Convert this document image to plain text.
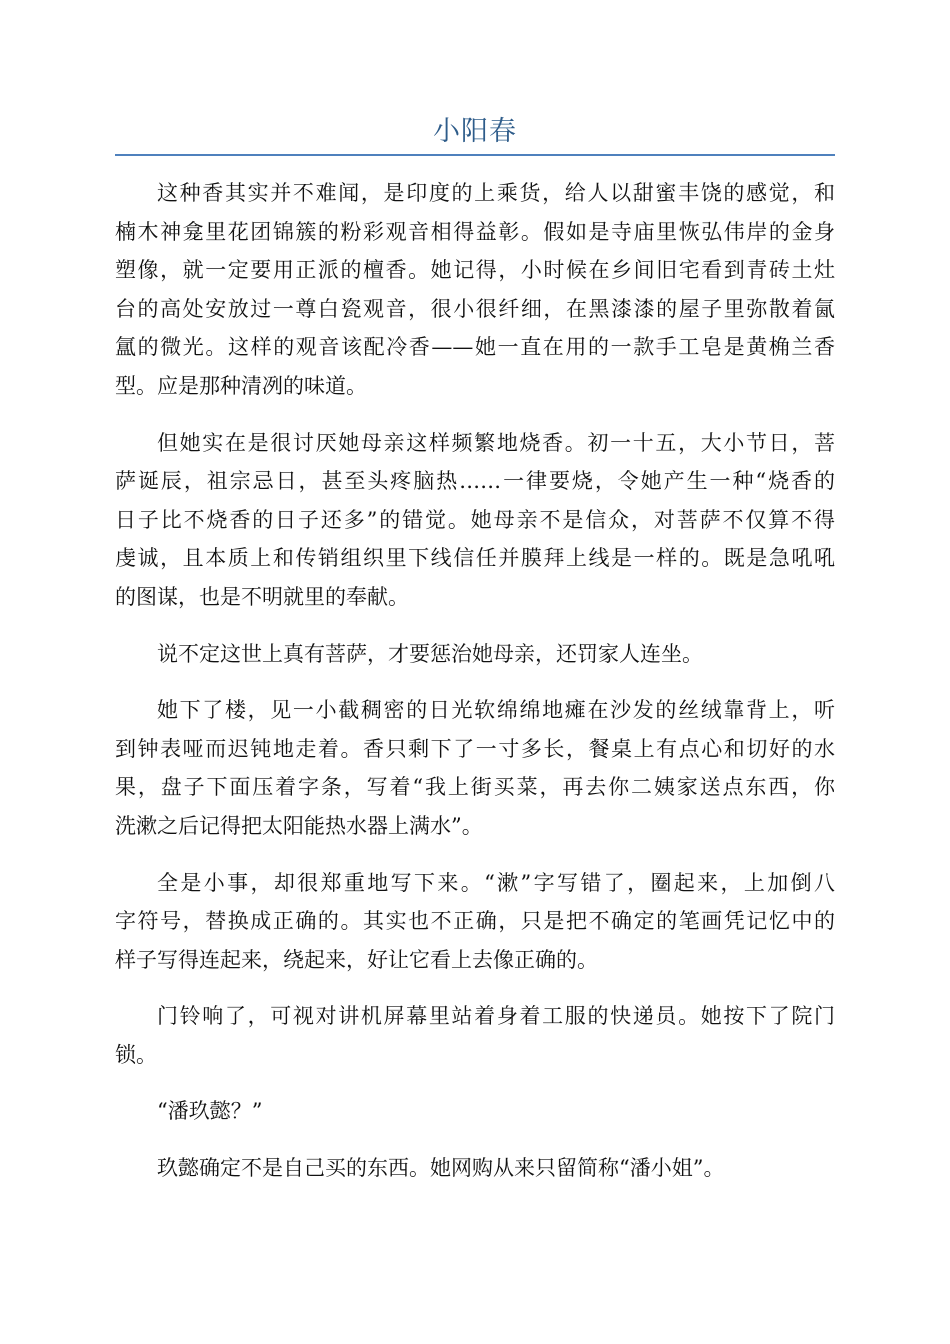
小阳春
这种香其实并不难闻，是印度的上乘货，给人以甜蜜丰饶的感觉，和
楠木神龛里花团锦簇的粉彩观音相得益彰。假如是寺庙里恢弘伟岸的金身
塑像，就一定要用正派的檀香。她记得，小时候在乡间旧宅看到青砖土灶
台的高处安放过一尊白瓷观音，很小很纤细，在黑漆漆的屋子里弥散着氤
氲的微光。这样的观音该配冷香——她一直在用的一款手工皂是黄桷兰香
型。应是那种清冽的味道。
但她实在是很讨厌她母亲这样频繁地烧香。初一十五，大小节日，菩
萨诞辰，祖宗忌日，甚至头疼脑热……一律要烧，令她产生一种“烧香的
日子比不烧香的日子还多”的错觉。她母亲不是信众，对菩萨不仅算不得
虔诚，且本质上和传销组织里下线信任并膜拜上线是一样的。既是急吼吼
的图谋，也是不明就里的奉献。
说不定这世上真有菩萨，才要惩治她母亲，还罚家人连坐。
她下了楼，见一小截稠密的日光软绵绵地瘫在沙发的丝绒靠背上，听
到钟表哑而迟钝地走着。香只剩下了一寸多长，餐桌上有点心和切好的水
果，盘子下面压着字条，写着“我上街买菜，再去你二姨家送点东西，你
洗漱之后记得把太阳能热水器上满水”。
全是小事，却很郑重地写下来。“漱”字写错了，圈起来，上加倒八
字符号，替换成正确的。其实也不正确，只是把不确定的笔画凭记忆中的
样子写得连起来，绕起来，好让它看上去像正确的。
门铃响了，可视对讲机屏幕里站着身着工服的快递员。她按下了院门
锁。
“潘玖懿？”
玖懿确定不是自己买的东西。她网购从来只留简称“潘小姐”。
